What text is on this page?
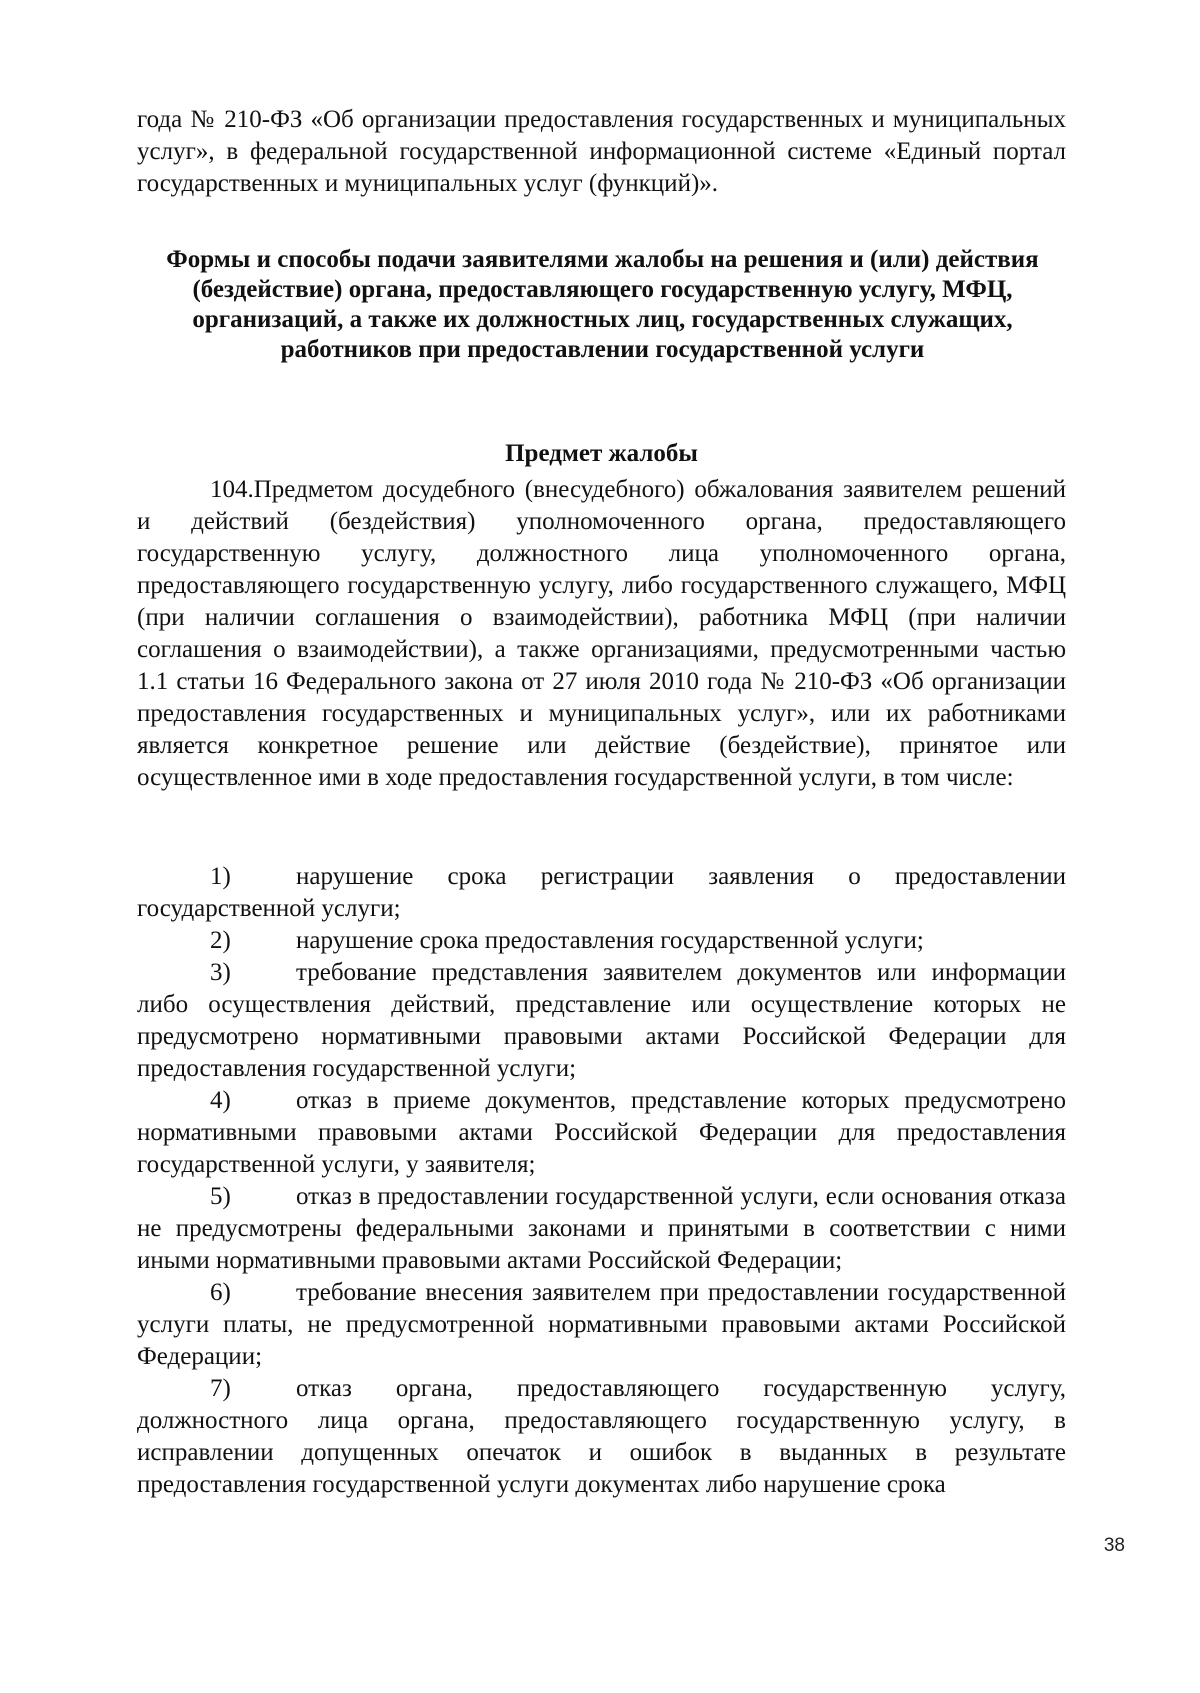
года № 210-ФЗ «Об организации предоставления государственных и муниципальных услуг», в федеральной государственной информационной системе «Единый портал государственных и муниципальных услуг (функций)».

Формы и способы подачи заявителями жалобы на решения и (или) действия (бездействие) органа, предоставляющего государственную услугу, МФЦ, организаций, а также их должностных лиц, государственных служащих, работников при предоставлении государственной услуги
Предмет жалобы

104.Предметом досудебного (внесудебного) обжалования заявителем решений и действий (бездействия) уполномоченного органа, предоставляющего государственную услугу, должностного лица уполномоченного органа, предоставляющего государственную услугу, либо государственного служащего, МФЦ (при наличии соглашения о взаимодействии), работника МФЦ (при наличии соглашения о взаимодействии), а также организациями, предусмотренными частью 1.1 статьи 16 Федерального закона от 27 июля 2010 года № 210-ФЗ «Об организации предоставления государственных и муниципальных услуг», или их работниками является конкретное решение или действие (бездействие), принятое или осуществленное ими в ходе предоставления государственной услуги, в том числе:

1)	нарушение срока регистрации заявления о предоставлении государственной услуги;

2)	нарушение срока предоставления государственной услуги;

3)	требование представления заявителем документов или информации либо осуществления действий, представление или осуществление которых не предусмотрено нормативными правовыми актами Российской Федерации для предоставления государственной услуги;

4)	отказ в приеме документов, представление которых предусмотрено нормативными правовыми актами Российской Федерации для предоставления государственной услуги, у заявителя;

5)	отказ в предоставлении государственной услуги, если основания отказа не предусмотрены федеральными законами и принятыми в соответствии с ними иными нормативными правовыми актами Российской Федерации;

6)	требование внесения заявителем при предоставлении государственной услуги платы, не предусмотренной нормативными правовыми актами Российской Федерации;

7)	отказ органа, предоставляющего государственную услугу, должностного лица органа, предоставляющего государственную услугу, в исправлении допущенных опечаток и ошибок в выданных в результате предоставления государственной услуги документах либо нарушение срока

38
